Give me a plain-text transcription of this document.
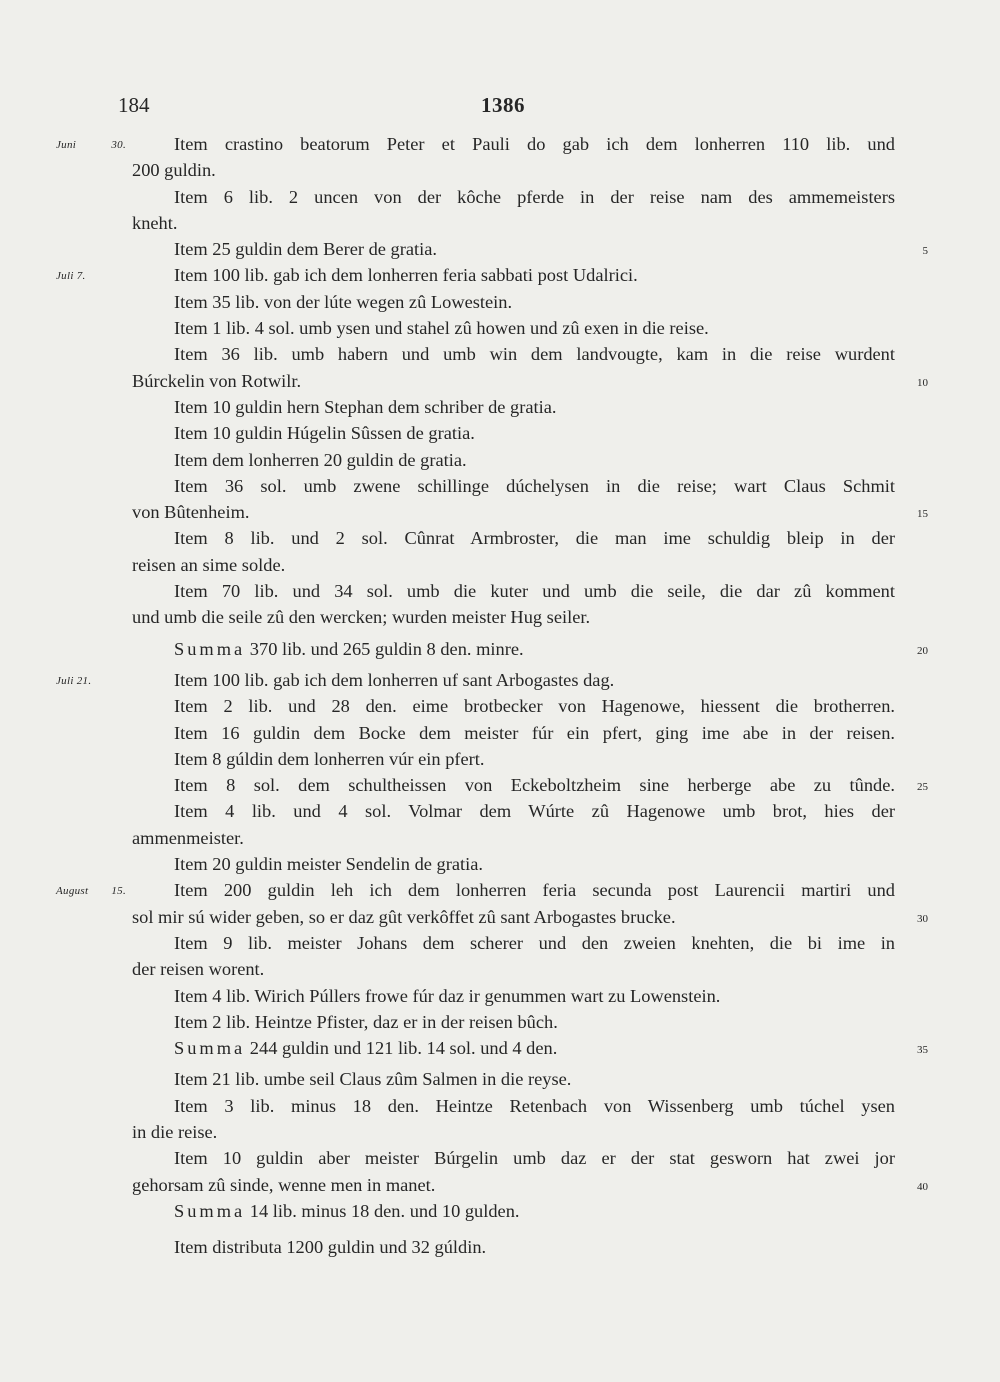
184	1386
Item crastino beatorum Peter et Pauli do gab ich dem lonherren 110 lib. und
Juni 30.
200 guldin.
Item 6 lib. 2 uncen von der kôche pferde in der reise nam des ammemeisters
kneht.
Item 25 guldin dem Berer de gratia.	5
Item 100 lib. gab ich dem lonherren feria sabbati post Udalrici.
Juli 7.
Item 35 lib. von der lúte wegen zû Lowestein.
Item 1 lib. 4 sol. umb ysen und stahel zû howen und zû exen in die reise.
Item 36 lib. umb habern und umb win dem landvougte, kam in die reise wurdent
Búrckelin von Rotwilr.	10
Item 10 guldin hern Stephan dem schriber de gratia.
Item 10 guldin Húgelin Sûssen de gratia.
Item dem lonherren 20 guldin de gratia.
Item 36 sol. umb zwene schillinge dúchelysen in die reise; wart Claus Schmit
von Bûtenheim.	15
Item 8 lib. und 2 sol. Cûnrat Armbroster, die man ime schuldig bleip in der
reisen an sime solde.
Item 70 lib. und 34 sol. umb die kuter und umb die seile, die dar zû komment
und umb die seile zû den wercken; wurden meister Hug seiler.
Summa 370 lib. und 265 guldin 8 den. minre.	20
Item 100 lib. gab ich dem lonherren uf sant Arbogastes dag.
Juli 21.
Item 2 lib. und 28 den. eime brotbecker von Hagenowe, hiessent die brotherren.
Item 16 guldin dem Bocke dem meister fúr ein pfert, ging ime abe in der reisen.
Item 8 gúldin dem lonherren vúr ein pfert.
Item 8 sol. dem schultheissen von Eckeboltzheim sine herberge abe zu tûnde. 25
Item 4 lib. und 4 sol. Volmar dem Wúrte zû Hagenowe umb brot, hies der
ammenmeister.
Item 20 guldin meister Sendelin de gratia.
Item 200 guldin leh ich dem lonherren feria secunda post Laurencii martiri und
August 15.
sol mir sú wider geben, so er daz gût verkôffet zû sant Arbogastes brucke.	30
Item 9 lib. meister Johans dem scherer und den zweien knehten, die bi ime in
der reisen worent.
Item 4 lib. Wirich Púllers frowe fúr daz ir genummen wart zu Lowenstein.
Item 2 lib. Heintze Pfister, daz er in der reisen bûch.
Summa 244 guldin und 121 lib. 14 sol. und 4 den.	35
Item 21 lib. umbe seil Claus zûm Salmen in die reyse.
Item 3 lib. minus 18 den. Heintze Retenbach von Wissenberg umb túchel ysen
in die reise.
Item 10 guldin aber meister Búrgelin umb daz er der stat gesworn hat zwei jor
gehorsam zû sinde, wenne men in manet.	40
Summa 14 lib. minus 18 den. und 10 gulden.
Item distributa 1200 guldin und 32 gúldin.
